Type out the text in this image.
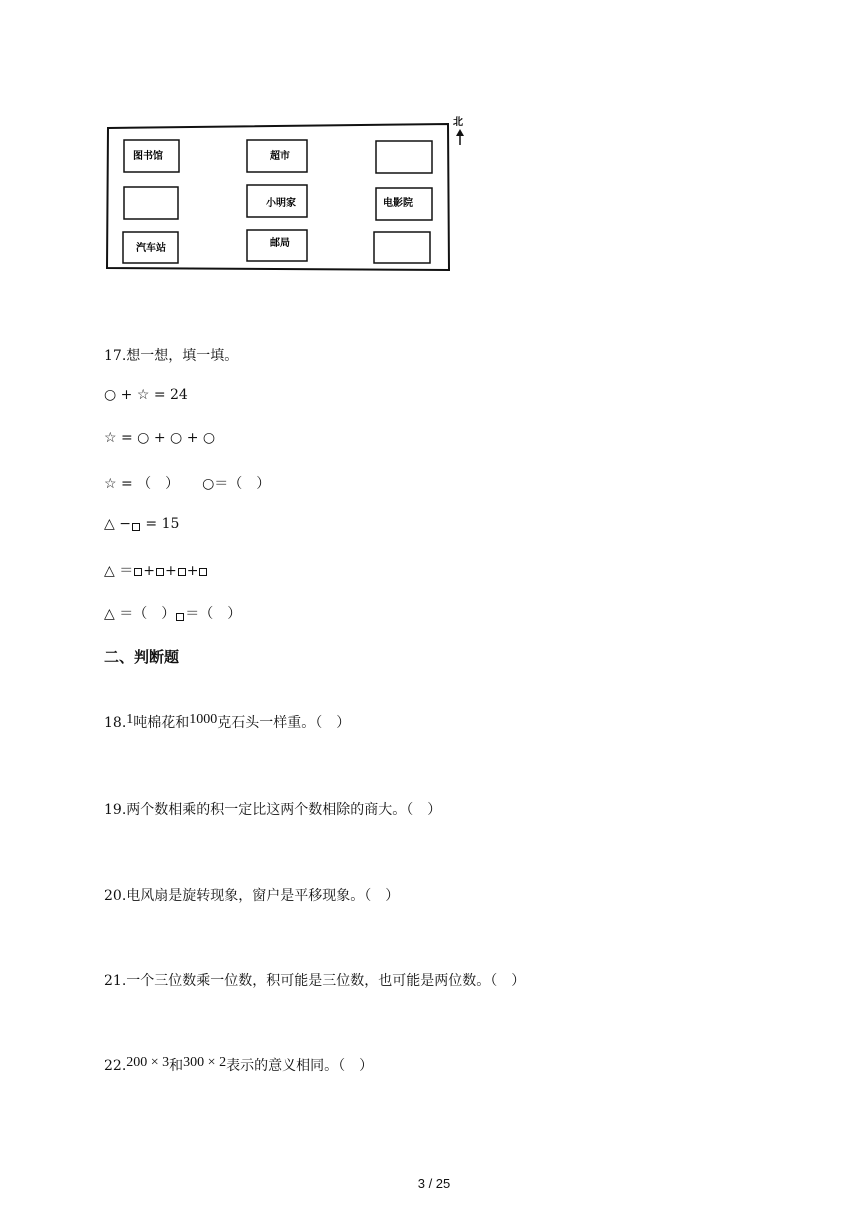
北
图书馆	超市
小明家	电影院
汽车站	邮局
17.想一想，填一填。
○ + ☆ = 24
☆ = ○ + ○ + ○
☆ = （　） ○＝（　）
△ − = 15
△ ＝ + + +
△ ＝（　） ＝（　）
二、判断题
18.1吨棉花和1000克石头一样重。（　）
19.两个数相乘的积一定比这两个数相除的商大。（　）
20.电风扇是旋转现象，窗户是平移现象。（　）
21.一个三位数乘一位数，积可能是三位数，也可能是两位数。（　）
22.200 × 3和300 × 2表示的意义相同。（　）
3 / 25
